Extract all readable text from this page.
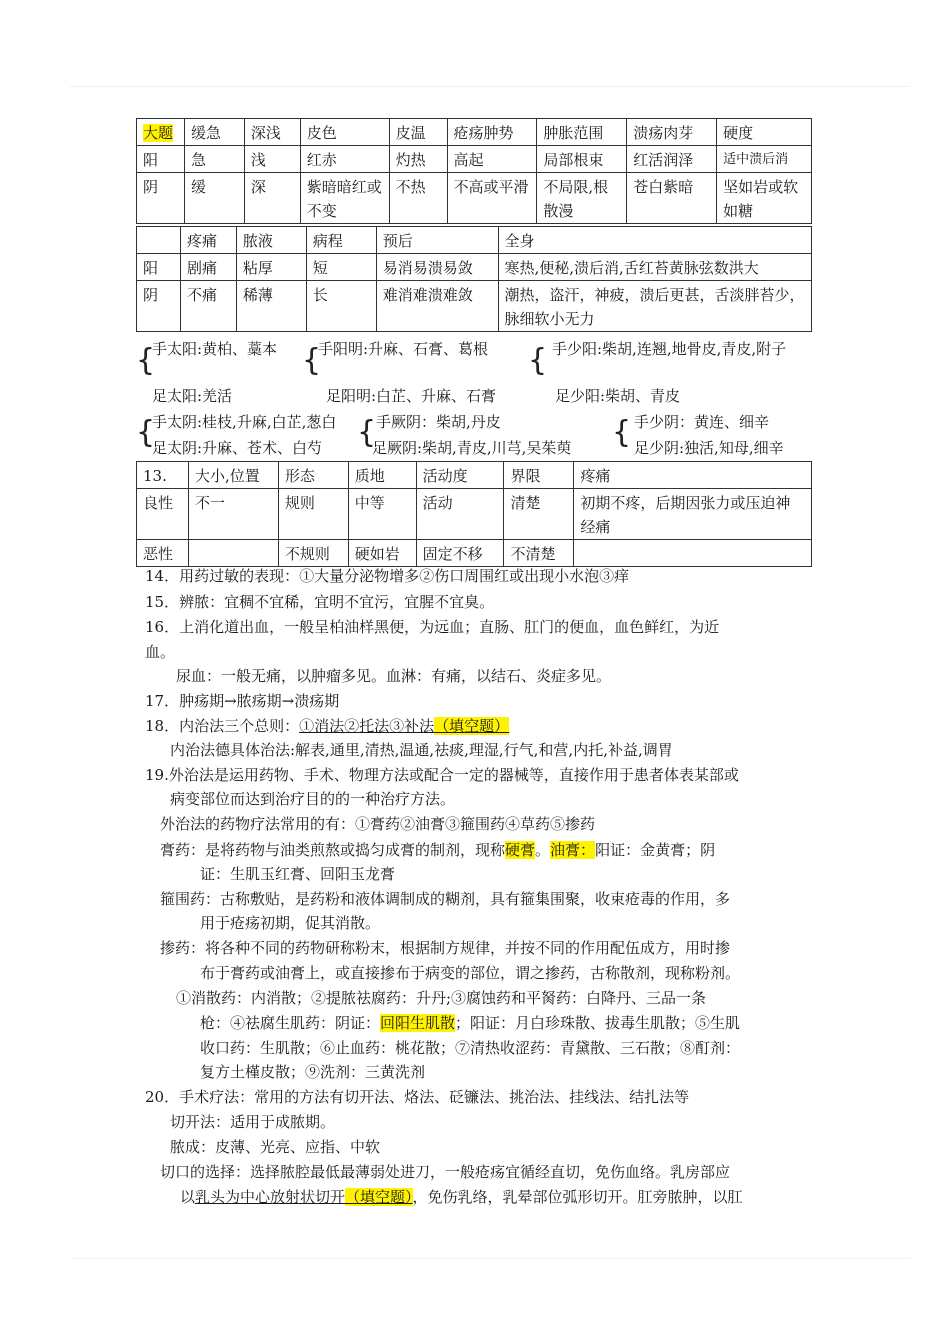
大题	缓急	深浅	皮色	皮温	疮疡肿势	肿胀范围	溃疡肉芽	硬度
阳	急	浅	红赤	灼热	高起	局部根束	红活润泽	适中溃后消
阴	缓	深	紫暗暗红或不变	不热	不高或平滑	不局限,根散漫	苍白紫暗	坚如岩或软如糖
	疼痛	脓液	病程	预后	全身
阳	剧痛	粘厚	短	易消易溃易敛	寒热,便秘,溃后消,舌红苔黄脉弦数洪大
阴	不痛	稀薄	长	难消难溃难敛	潮热，盗汗，神疲，溃后更甚，舌淡胖苔少，脉细软小无力
{	{	{
手太阳:黄柏、藁本	手阳明:升麻、石膏、葛根	手少阳:柴胡,连翘,地骨皮,青皮,附子
足太阳:羌活	足阳明:白芷、升麻、石膏	足少阳:柴胡、青皮
{	{	{
手太阴:桂枝,升麻,白芷,葱白	手厥阴：柴胡,丹皮	手少阴：黄连、细辛
足太阴:升麻、苍术、白芍	足厥阴:柴胡,青皮,川芎,吴茱萸	足少阴:独活,知母,细辛
13.	大小,位置	形态	质地	活动度	界限	疼痛
良性	不一	规则	中等	活动	清楚	初期不疼，后期因张力或压迫神经痛
恶性		不规则	硬如岩	固定不移	不清楚	
14．用药过敏的表现：①大量分泌物增多②伤口周围红或出现小水泡③痒
15．辨脓：宜稠不宜稀，宜明不宜污，宜腥不宜臭。
16．上消化道出血，一般呈柏油样黑便，为远血；直肠、肛门的便血，血色鲜红，为近
血。
尿血：一般无痛，以肿瘤多见。血淋：有痛，以结石、炎症多见。
17．肿疡期→脓疡期→溃疡期
18．内治法三个总则：①消法②托法③补法（填空题）
内治法德具体治法:解表,通里,清热,温通,祛痰,理湿,行气,和营,内托,补益,调胃
19.外治法是运用药物、手术、物理方法或配合一定的器械等，直接作用于患者体表某部或
病变部位而达到治疗目的的一种治疗方法。
外治法的药物疗法常用的有：①膏药②油膏③箍围药④草药⑤掺药
膏药：是将药物与油类煎熬或捣匀成膏的制剂，现称硬膏。油膏：阳证：金黄膏；阴
证：生肌玉红膏、回阳玉龙膏
箍围药：古称敷贴，是药粉和液体调制成的糊剂，具有箍集围聚，收束疮毒的作用，多
用于疮疡初期，促其消散。
掺药：将各种不同的药物研称粉末，根据制方规律，并按不同的作用配伍成方，用时掺
布于膏药或油膏上，或直接掺布于病变的部位，谓之掺药，古称散剂，现称粉剂。
①消散药：内消散；②提脓祛腐药：升丹;③腐蚀药和平胬药：白降丹、三品一条
枪：④祛腐生肌药：阴证：回阳生肌散；阳证：月白珍珠散、拔毒生肌散；⑤生肌
收口药：生肌散；⑥止血药：桃花散；⑦清热收涩药：青黛散、三石散；⑧酊剂：
复方土槿皮散；⑨洗剂：三黄洗剂
20．手术疗法：常用的方法有切开法、烙法、砭镰法、挑治法、挂线法、结扎法等
切开法：适用于成脓期。
脓成：皮薄、光亮、应指、中软
切口的选择：选择脓腔最低最薄弱处进刀，一般疮疡宜循经直切，免伤血络。乳房部应
以乳头为中心放射状切开（填空题），免伤乳络，乳晕部位弧形切开。肛旁脓肿，以肛
